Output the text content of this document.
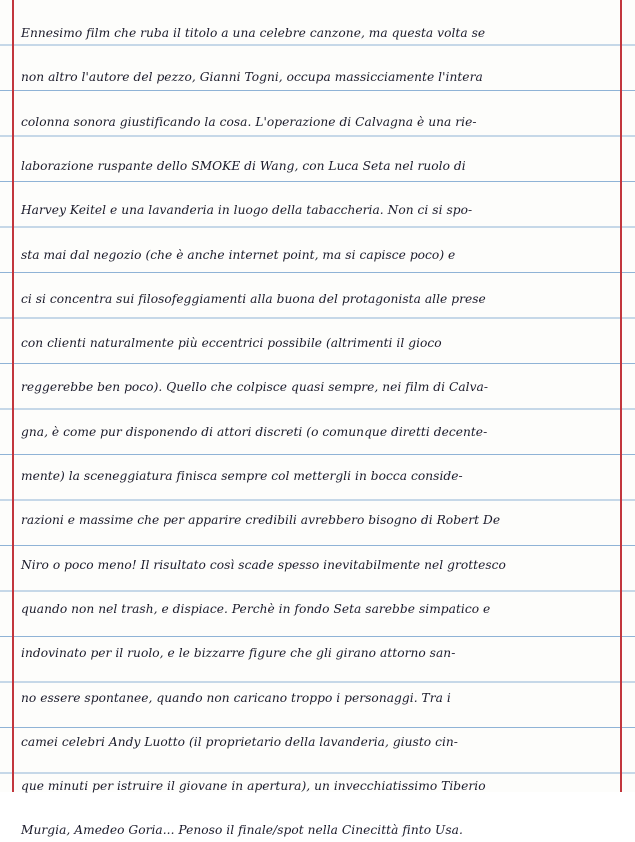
Ennesimo film che ruba il titolo a una celebre canzone, ma questa volta se
non altro l'autore del pezzo, Gianni Togni, occupa massicciamente l'intera
colonna sonora giustificando la cosa. L'operazione di Calvagna è una rie-
laborazione ruspante dello SMOKE di Wang, con Luca Seta nel ruolo di
Harvey Keitel e una lavanderia in luogo della tabaccheria. Non ci si spo-
sta mai dal negozio (che è anche internet point, ma si capisce poco) e
ci si concentra sui filosofeggiamenti alla buona del protagonista alle prese
con clienti naturalmente più eccentrici possibile (altrimenti il gioco
reggerebbe ben poco). Quello che colpisce quasi sempre, nei film di Calva-
gna, è come pur disponendo di attori discreti (o comunque diretti decente-
mente) la sceneggiatura finisca sempre col mettergli in bocca conside-
razioni e massime che per apparire credibili avrebbero bisogno di Robert De
Niro o poco meno! Il risultato così scade spesso inevitabilmente nel grottesco
quando non nel trash, e dispiace. Perchè in fondo Seta sarebbe simpatico e
indovinato per il ruolo, e le bizzarre figure che gli girano attorno san-
no essere spontanee, quando non caricano troppo i personaggi. Tra i
camei celebri Andy Luotto (il proprietario della lavanderia, giusto cin-
que minuti per istruire il giovane in apertura), un invecchiatissimo Tiberio
Murgia, Amedeo Goria... Penoso il finale/spot nella Cinecittà finto Usa.
